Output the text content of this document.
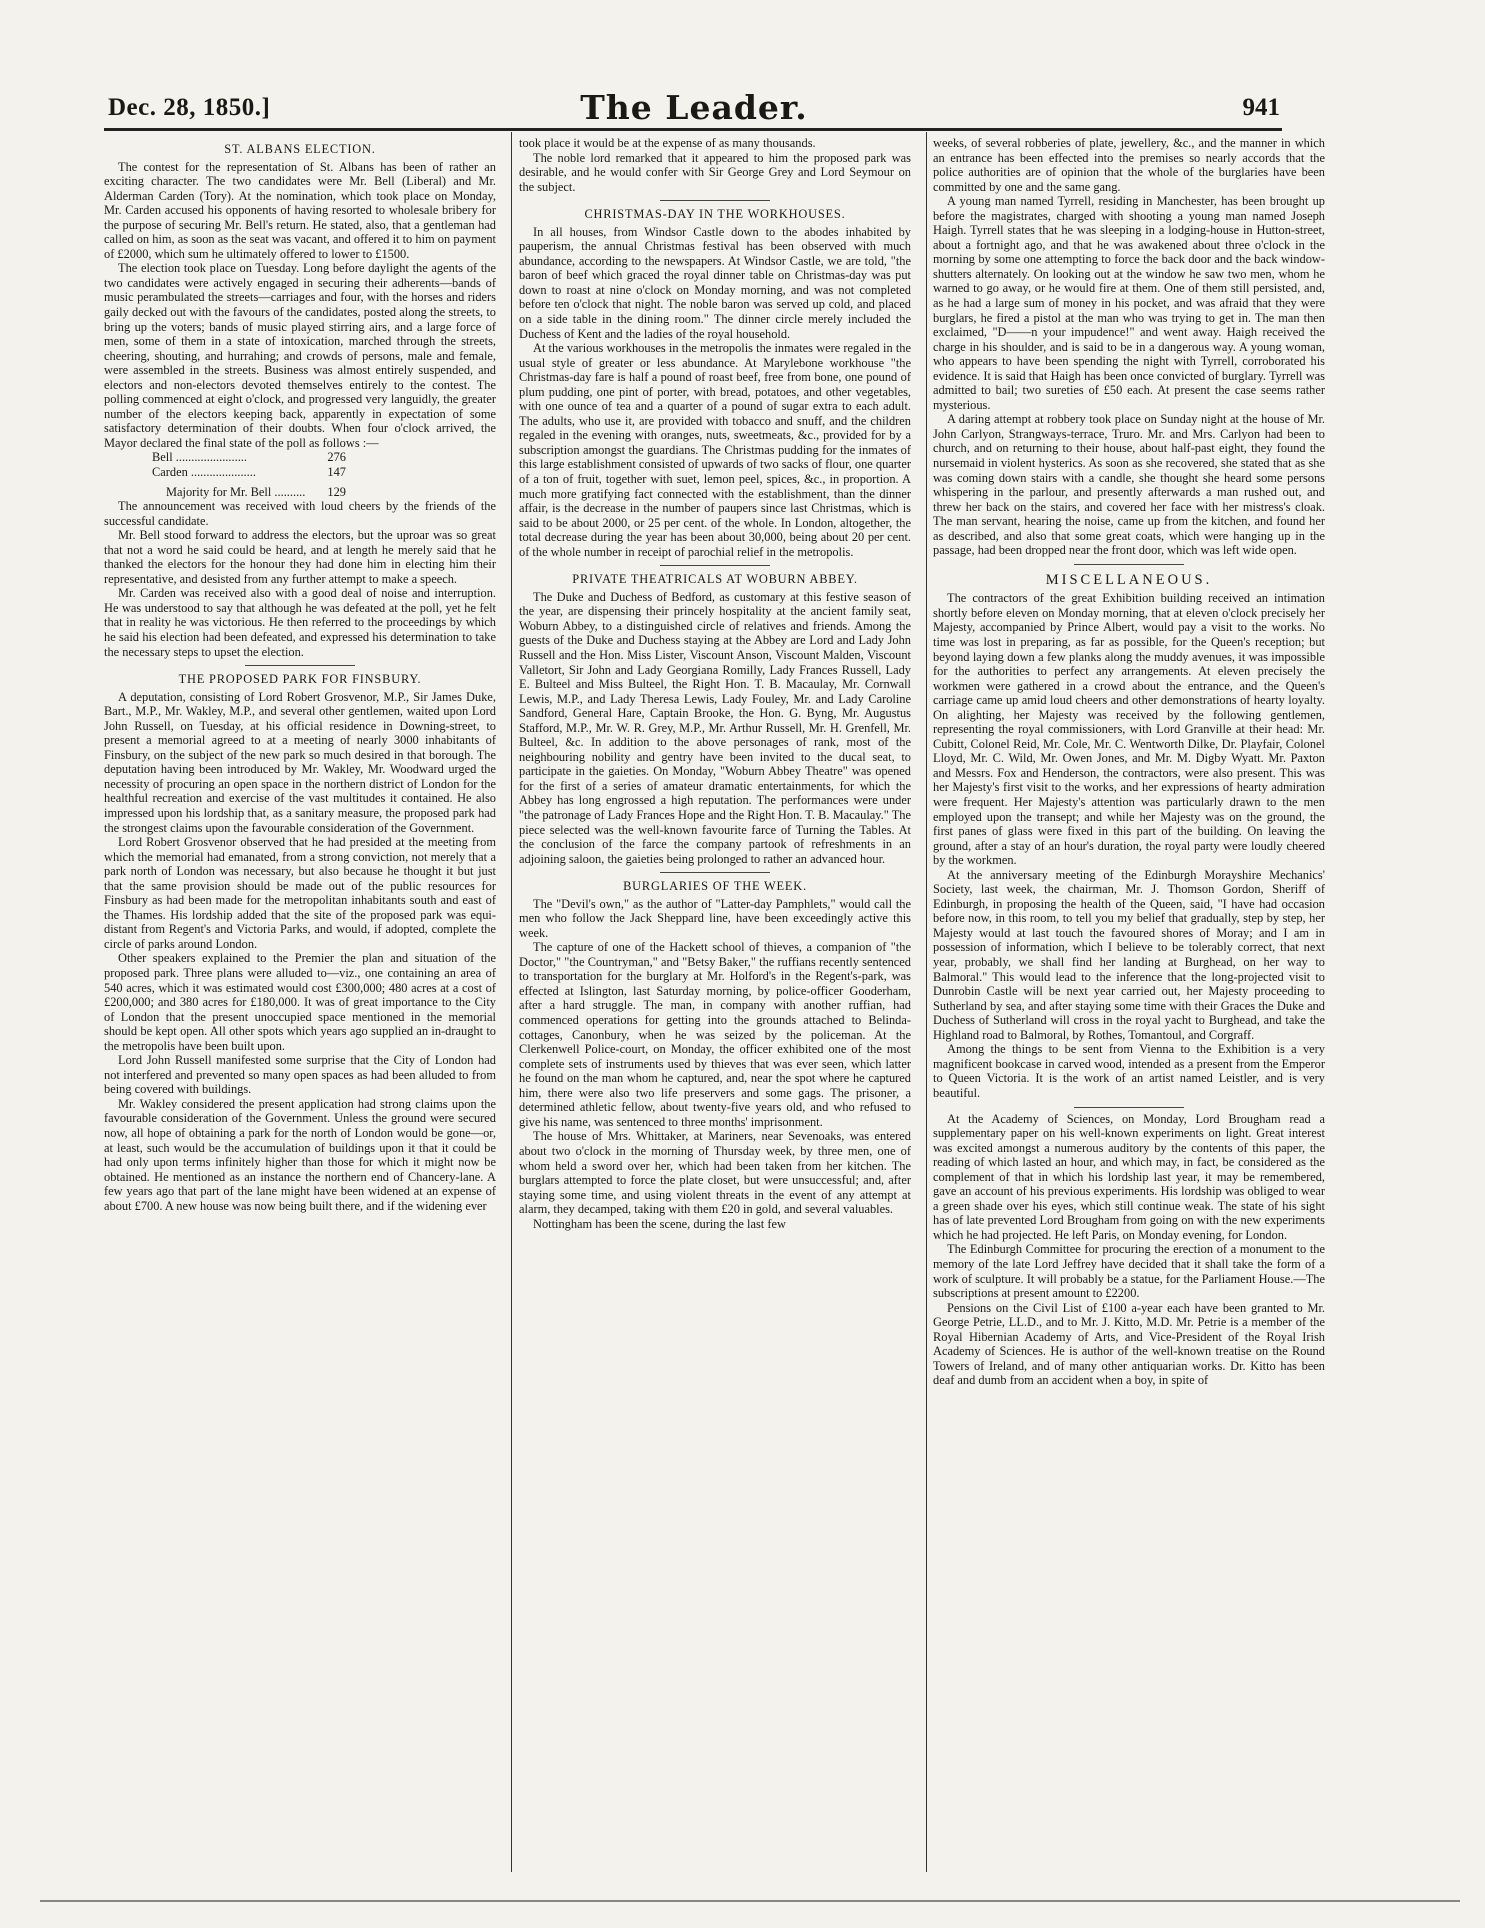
Dec. 28, 1850.]	The Leader.	941
ST. ALBANS ELECTION.

The contest for the representation of St. Albans has been of rather an exciting character. The two candidates were Mr. Bell (Liberal) and Mr. Alderman Carden (Tory). At the nomination, which took place on Monday, Mr. Carden accused his opponents of having resorted to wholesale bribery for the purpose of securing Mr. Bell's return. He stated, also, that a gentleman had called on him, as soon as the seat was vacant, and offered it to him on payment of £2000, which sum he ultimately offered to lower to £1500.

The election took place on Tuesday. Long before daylight the agents of the two candidates were actively engaged in securing their adherents—bands of music perambulated the streets—carriages and four, with the horses and riders gaily decked out with the favours of the candidates, posted along the streets, to bring up the voters; bands of music played stirring airs, and a large force of men, some of them in a state of intoxication, marched through the streets, cheering, shouting, and hurrahing; and crowds of persons, male and female, were assembled in the streets. Business was almost entirely suspended, and electors and non-electors devoted themselves entirely to the contest. The polling commenced at eight o'clock, and progressed very languidly, the greater number of the electors keeping back, apparently in expectation of some satisfactory determination of their doubts. When four o'clock arrived, the Mayor declared the final state of the poll as follows :—

Bell .......................	276
Carden .....................	147
Majority for Mr. Bell .......... 129

The announcement was received with loud cheers by the friends of the successful candidate.

Mr. Bell stood forward to address the electors, but the uproar was so great that not a word he said could be heard, and at length he merely said that he thanked the electors for the honour they had done him in electing him their representative, and desisted from any further attempt to make a speech.

Mr. Carden was received also with a good deal of noise and interruption. He was understood to say that although he was defeated at the poll, yet he felt that in reality he was victorious. He then referred to the proceedings by which he said his election had been defeated, and expressed his determination to take the necessary steps to upset the election.

THE PROPOSED PARK FOR FINSBURY.

A deputation, consisting of Lord Robert Grosvenor, M.P., Sir James Duke, Bart., M.P., Mr. Wakley, M.P., and several other gentlemen, waited upon Lord John Russell, on Tuesday, at his official residence in Downing-street, to present a memorial agreed to at a meeting of nearly 3000 inhabitants of Finsbury, on the subject of the new park so much desired in that borough. The deputation having been introduced by Mr. Wakley, Mr. Woodward urged the necessity of procuring an open space in the northern district of London for the healthful recreation and exercise of the vast multitudes it contained. He also impressed upon his lordship that, as a sanitary measure, the proposed park had the strongest claims upon the favourable consideration of the Government.

Lord Robert Grosvenor observed that he had presided at the meeting from which the memorial had emanated, from a strong conviction, not merely that a park north of London was necessary, but also because he thought it but just that the same provision should be made out of the public resources for Finsbury as had been made for the metropolitan inhabitants south and east of the Thames. His lordship added that the site of the proposed park was equi-distant from Regent's and Victoria Parks, and would, if adopted, complete the circle of parks around London.

Other speakers explained to the Premier the plan and situation of the proposed park. Three plans were alluded to—viz., one containing an area of 540 acres, which it was estimated would cost £300,000; 480 acres at a cost of £200,000; and 380 acres for £180,000. It was of great importance to the City of London that the present unoccupied space mentioned in the memorial should be kept open. All other spots which years ago supplied an in-draught to the metropolis have been built upon.

Lord John Russell manifested some surprise that the City of London had not interfered and prevented so many open spaces as had been alluded to from being covered with buildings.

Mr. Wakley considered the present application had strong claims upon the favourable consideration of the Government. Unless the ground were secured now, all hope of obtaining a park for the north of London would be gone—or, at least, such would be the accumulation of buildings upon it that it could be had only upon terms infinitely higher than those for which it might now be obtained. He mentioned as an instance the northern end of Chancery-lane. A few years ago that part of the lane might have been widened at an expense of about £700. A new house was now being built there, and if the widening ever

took place it would be at the expense of as many thousands.

The noble lord remarked that it appeared to him the proposed park was desirable, and he would confer with Sir George Grey and Lord Seymour on the subject.

CHRISTMAS-DAY IN THE WORKHOUSES.

In all houses, from Windsor Castle down to the abodes inhabited by pauperism, the annual Christmas festival has been observed with much abundance, according to the newspapers. At Windsor Castle, we are told, "the baron of beef which graced the royal dinner table on Christmas-day was put down to roast at nine o'clock on Monday morning, and was not completed before ten o'clock that night. The noble baron was served up cold, and placed on a side table in the dining room." The dinner circle merely included the Duchess of Kent and the ladies of the royal household.

At the various workhouses in the metropolis the inmates were regaled in the usual style of greater or less abundance. At Marylebone workhouse "the Christmas-day fare is half a pound of roast beef, free from bone, one pound of plum pudding, one pint of porter, with bread, potatoes, and other vegetables, with one ounce of tea and a quarter of a pound of sugar extra to each adult. The adults, who use it, are provided with tobacco and snuff, and the children regaled in the evening with oranges, nuts, sweetmeats, &c., provided for by a subscription amongst the guardians. The Christmas pudding for the inmates of this large establishment consisted of upwards of two sacks of flour, one quarter of a ton of fruit, together with suet, lemon peel, spices, &c., in proportion. A much more gratifying fact connected with the establishment, than the dinner affair, is the decrease in the number of paupers since last Christmas, which is said to be about 2000, or 25 per cent. of the whole. In London, altogether, the total decrease during the year has been about 30,000, being about 20 per cent. of the whole number in receipt of parochial relief in the metropolis.

PRIVATE THEATRICALS AT WOBURN ABBEY.

The Duke and Duchess of Bedford, as customary at this festive season of the year, are dispensing their princely hospitality at the ancient family seat, Woburn Abbey, to a distinguished circle of relatives and friends. Among the guests of the Duke and Duchess staying at the Abbey are Lord and Lady John Russell and the Hon. Miss Lister, Viscount Anson, Viscount Malden, Viscount Valletort, Sir John and Lady Georgiana Romilly, Lady Frances Russell, Lady E. Bulteel and Miss Bulteel, the Right Hon. T. B. Macaulay, Mr. Cornwall Lewis, M.P., and Lady Theresa Lewis, Lady Fouley, Mr. and Lady Caroline Sandford, General Hare, Captain Brooke, the Hon. G. Byng, Mr. Augustus Stafford, M.P., Mr. W. R. Grey, M.P., Mr. Arthur Russell, Mr. H. Grenfell, Mr. Bulteel, &c. In addition to the above personages of rank, most of the neighbouring nobility and gentry have been invited to the ducal seat, to participate in the gaieties. On Monday, "Woburn Abbey Theatre" was opened for the first of a series of amateur dramatic entertainments, for which the Abbey has long engrossed a high reputation. The performances were under "the patronage of Lady Frances Hope and the Right Hon. T. B. Macaulay." The piece selected was the well-known favourite farce of Turning the Tables. At the conclusion of the farce the company partook of refreshments in an adjoining saloon, the gaieties being prolonged to rather an advanced hour.

BURGLARIES OF THE WEEK.

The "Devil's own," as the author of "Latter-day Pamphlets," would call the men who follow the Jack Sheppard line, have been exceedingly active this week.

The capture of one of the Hackett school of thieves, a companion of "the Doctor," "the Countryman," and "Betsy Baker," the ruffians recently sentenced to transportation for the burglary at Mr. Holford's in the Regent's-park, was effected at Islington, last Saturday morning, by police-officer Gooderham, after a hard struggle. The man, in company with another ruffian, had commenced operations for getting into the grounds attached to Belinda-cottages, Canonbury, when he was seized by the policeman. At the Clerkenwell Police-court, on Monday, the officer exhibited one of the most complete sets of instruments used by thieves that was ever seen, which latter he found on the man whom he captured, and, near the spot where he captured him, there were also two life preservers and some gags. The prisoner, a determined athletic fellow, about twenty-five years old, and who refused to give his name, was sentenced to three months' imprisonment.

The house of Mrs. Whittaker, at Mariners, near Sevenoaks, was entered about two o'clock in the morning of Thursday week, by three men, one of whom held a sword over her, which had been taken from her kitchen. The burglars attempted to force the plate closet, but were unsuccessful; and, after staying some time, and using violent threats in the event of any attempt at alarm, they decamped, taking with them £20 in gold, and several valuables.

Nottingham has been the scene, during the last few

weeks, of several robberies of plate, jewellery, &c., and the manner in which an entrance has been effected into the premises so nearly accords that the police authorities are of opinion that the whole of the burglaries have been committed by one and the same gang.

A young man named Tyrrell, residing in Manchester, has been brought up before the magistrates, charged with shooting a young man named Joseph Haigh. Tyrrell states that he was sleeping in a lodging-house in Hutton-street, about a fortnight ago, and that he was awakened about three o'clock in the morning by some one attempting to force the back door and the back window-shutters alternately. On looking out at the window he saw two men, whom he warned to go away, or he would fire at them. One of them still persisted, and, as he had a large sum of money in his pocket, and was afraid that they were burglars, he fired a pistol at the man who was trying to get in. The man then exclaimed, "D——n your impudence!" and went away. Haigh received the charge in his shoulder, and is said to be in a dangerous way. A young woman, who appears to have been spending the night with Tyrrell, corroborated his evidence. It is said that Haigh has been once convicted of burglary. Tyrrell was admitted to bail; two sureties of £50 each. At present the case seems rather mysterious.

A daring attempt at robbery took place on Sunday night at the house of Mr. John Carlyon, Strangways-terrace, Truro. Mr. and Mrs. Carlyon had been to church, and on returning to their house, about half-past eight, they found the nursemaid in violent hysterics. As soon as she recovered, she stated that as she was coming down stairs with a candle, she thought she heard some persons whispering in the parlour, and presently afterwards a man rushed out, and threw her back on the stairs, and covered her face with her mistress's cloak. The man servant, hearing the noise, came up from the kitchen, and found her as described, and also that some great coats, which were hanging up in the passage, had been dropped near the front door, which was left wide open.

MISCELLANEOUS.

The contractors of the great Exhibition building received an intimation shortly before eleven on Monday morning, that at eleven o'clock precisely her Majesty, accompanied by Prince Albert, would pay a visit to the works. No time was lost in preparing, as far as possible, for the Queen's reception; but beyond laying down a few planks along the muddy avenues, it was impossible for the authorities to perfect any arrangements. At eleven precisely the workmen were gathered in a crowd about the entrance, and the Queen's carriage came up amid loud cheers and other demonstrations of hearty loyalty. On alighting, her Majesty was received by the following gentlemen, representing the royal commissioners, with Lord Granville at their head: Mr. Cubitt, Colonel Reid, Mr. Cole, Mr. C. Wentworth Dilke, Dr. Playfair, Colonel Lloyd, Mr. C. Wild, Mr. Owen Jones, and Mr. M. Digby Wyatt. Mr. Paxton and Messrs. Fox and Henderson, the contractors, were also present. This was her Majesty's first visit to the works, and her expressions of hearty admiration were frequent. Her Majesty's attention was particularly drawn to the men employed upon the transept; and while her Majesty was on the ground, the first panes of glass were fixed in this part of the building. On leaving the ground, after a stay of an hour's duration, the royal party were loudly cheered by the workmen.

At the anniversary meeting of the Edinburgh Morayshire Mechanics' Society, last week, the chairman, Mr. J. Thomson Gordon, Sheriff of Edinburgh, in proposing the health of the Queen, said, "I have had occasion before now, in this room, to tell you my belief that gradually, step by step, her Majesty would at last touch the favoured shores of Moray; and I am in possession of information, which I believe to be tolerably correct, that next year, probably, we shall find her landing at Burghead, on her way to Balmoral." This would lead to the inference that the long-projected visit to Dunrobin Castle will be next year carried out, her Majesty proceeding to Sutherland by sea, and after staying some time with their Graces the Duke and Duchess of Sutherland will cross in the royal yacht to Burghead, and take the Highland road to Balmoral, by Rothes, Tomantoul, and Corgraff.

Among the things to be sent from Vienna to the Exhibition is a very magnificent bookcase in carved wood, intended as a present from the Emperor to Queen Victoria. It is the work of an artist named Leistler, and is very beautiful.

At the Academy of Sciences, on Monday, Lord Brougham read a supplementary paper on his well-known experiments on light. Great interest was excited amongst a numerous auditory by the contents of this paper, the reading of which lasted an hour, and which may, in fact, be considered as the complement of that in which his lordship last year, it may be remembered, gave an account of his previous experiments. His lordship was obliged to wear a green shade over his eyes, which still continue weak. The state of his sight has of late prevented Lord Brougham from going on with the new experiments which he had projected. He left Paris, on Monday evening, for London.

The Edinburgh Committee for procuring the erection of a monument to the memory of the late Lord Jeffrey have decided that it shall take the form of a work of sculpture. It will probably be a statue, for the Parliament House.—The subscriptions at present amount to £2200.

Pensions on the Civil List of £100 a-year each have been granted to Mr. George Petrie, LL.D., and to Mr. J. Kitto, M.D. Mr. Petrie is a member of the Royal Hibernian Academy of Arts, and Vice-President of the Royal Irish Academy of Sciences. He is author of the well-known treatise on the Round Towers of Ireland, and of many other antiquarian works. Dr. Kitto has been deaf and dumb from an accident when a boy, in spite of
